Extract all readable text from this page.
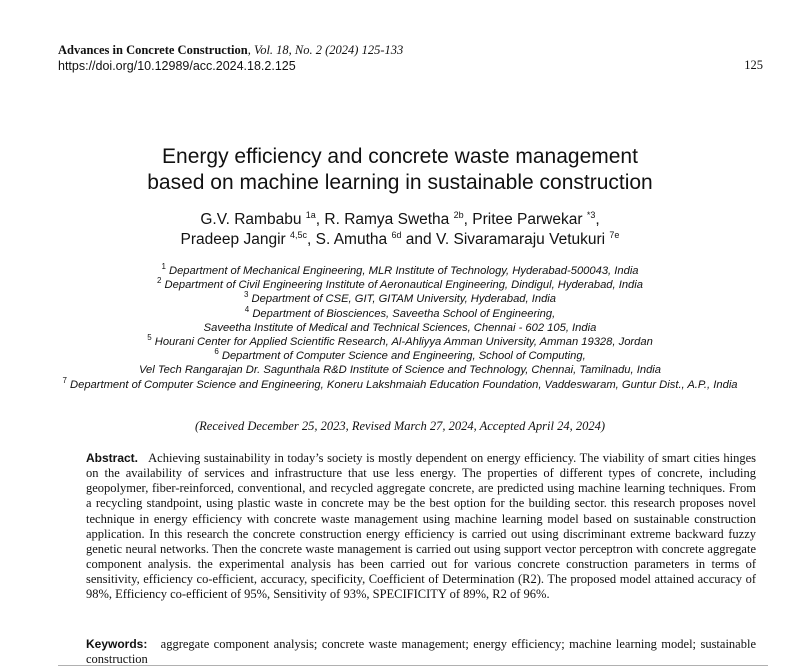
Advances in Concrete Construction, Vol. 18, No. 2 (2024) 125-133
https://doi.org/10.12989/acc.2024.18.2.125	125
Energy efficiency and concrete waste management
based on machine learning in sustainable construction
G.V. Rambabu $^{1a}$, R. Ramya Swetha $^{2b}$, Pritee Parwekar $^{*3}$,
Pradeep Jangir $^{4,5c}$, S. Amutha $^{6d}$ and V. Sivaramaraju Vetukuri $^{7e}$
$^1$ Department of Mechanical Engineering, MLR Institute of Technology, Hyderabad-500043, India
$^2$ Department of Civil Engineering Institute of Aeronautical Engineering, Dindigul, Hyderabad, India
$^3$ Department of CSE, GIT, GITAM University, Hyderabad, India
$^4$ Department of Biosciences, Saveetha School of Engineering,
Saveetha Institute of Medical and Technical Sciences, Chennai - 602 105, India
$^5$ Hourani Center for Applied Scientific Research, Al-Ahliyya Amman University, Amman 19328, Jordan
$^6$ Department of Computer Science and Engineering, School of Computing,
Vel Tech Rangarajan Dr. Sagunthala R&D Institute of Science and Technology, Chennai, Tamilnadu, India
$^7$ Department of Computer Science and Engineering, Koneru Lakshmaiah Education Foundation, Vaddeswaram, Guntur Dist., A.P., India
(Received December 25, 2023, Revised March 27, 2024, Accepted April 24, 2024)
Abstract. Achieving sustainability in today’s society is mostly dependent on energy efficiency. The viability of smart cities hinges on the availability of services and infrastructure that use less energy. The properties of different types of concrete, including geopolymer, fiber-reinforced, conventional, and recycled aggregate concrete, are predicted using machine learning techniques. From a recycling standpoint, using plastic waste in concrete may be the best option for the building sector. this research proposes novel technique in energy efficiency with concrete waste management using machine learning model based on sustainable construction application. In this research the concrete construction energy efficiency is carried out using discriminant extreme backward fuzzy genetic neural networks. Then the concrete waste management is carried out using support vector perceptron with concrete aggregate component analysis. the experimental analysis has been carried out for various concrete construction parameters in terms of sensitivity, efficiency co-efficient, accuracy, specificity, Coefficient of Determination (R2). The proposed model attained accuracy of 98%, Efficiency co-efficient of 95%, Sensitivity of 93%, SPECIFICITY of 89%, R2 of 96%.
Keywords: aggregate component analysis; concrete waste management; energy efficiency; machine learning model; sustainable construction
